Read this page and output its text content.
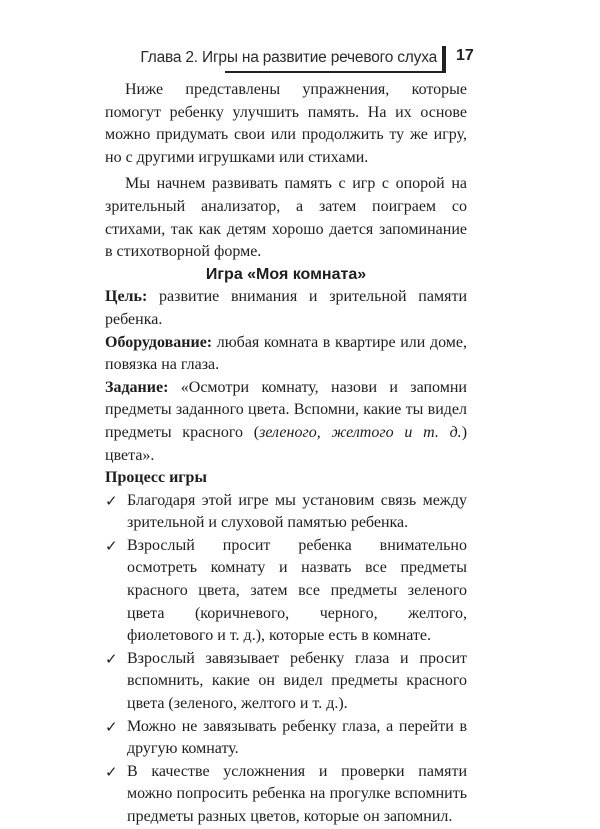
Глава 2. Игры на развитие речевого слуха 17

Ниже представлены упражнения, которые помогут ребенку улучшить память. На их основе можно придумать свои или продолжить ту же игру, но с другими игрушками или стихами.

Мы начнем развивать память с игр с опорой на зрительный анализатор, а затем поиграем со стихами, так как детям хорошо дается запоминание в стихотворной форме.

Игра «Моя комната»

Цель: развитие внимания и зрительной памяти ребенка.

Оборудование: любая комната в квартире или доме, повязка на глаза.

Задание: «Осмотри комнату, назови и запомни предметы заданного цвета. Вспомни, какие ты видел предметы красного (зеленого, желтого и т. д.) цвета».

Процесс игры

✓ Благодаря этой игре мы установим связь между зрительной и слуховой памятью ребенка.
✓ Взрослый просит ребенка внимательно осмотреть комнату и назвать все предметы красного цвета, затем все предметы зеленого цвета (коричневого, черного, желтого, фиолетового и т. д.), которые есть в комнате.
✓ Взрослый завязывает ребенку глаза и просит вспомнить, какие он видел предметы красного цвета (зеленого, желтого и т. д.).
✓ Можно не завязывать ребенку глаза, а перейти в другую комнату.
✓ В качестве усложнения и проверки памяти можно попросить ребенка на прогулке вспомнить предметы разных цветов, которые он запомнил.
